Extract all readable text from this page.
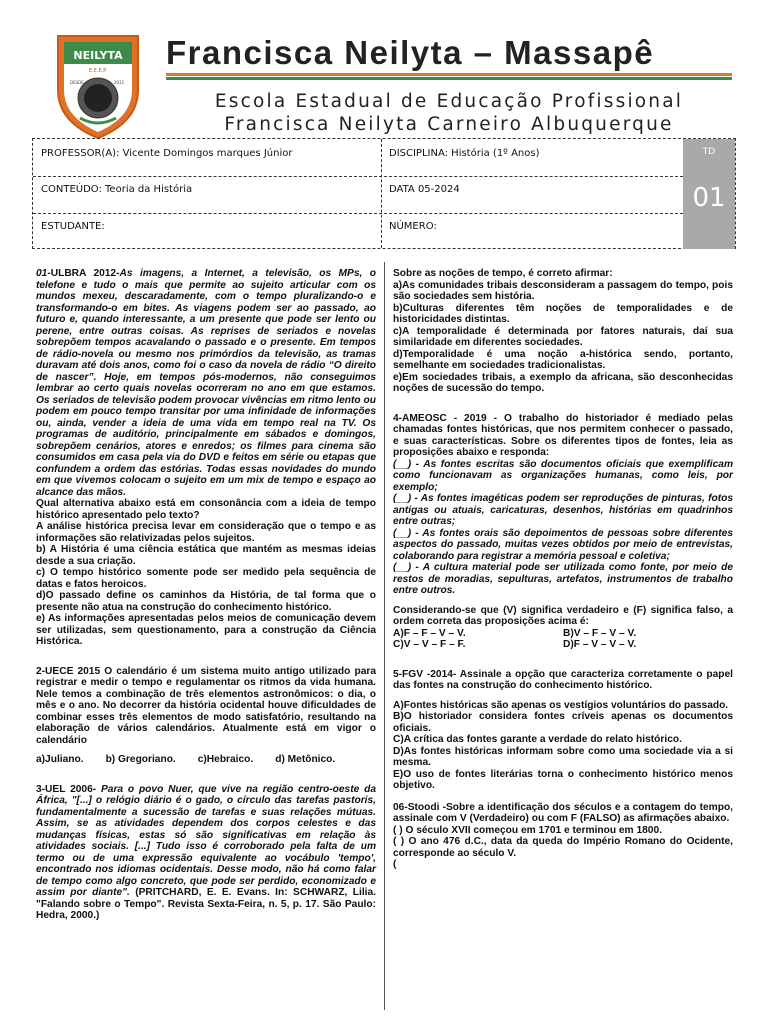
NEILYTA
E.E.E.P.
DESDE	2011
Francisca Neilyta – Massapê
Escola Estadual de Educação Profissional
Francisca Neilyta Carneiro Albuquerque
PROFESSOR(A): Vicente Domingos marques Júnior	DISCIPLINA: História (1º Anos)
CONTEÚDO: Teoria da História	DATA 05-2024
ESTUDANTE:	NÚMERO:
TD
01

01-ULBRA 2012-As imagens, a Internet, a televisão, os MPs, o telefone e tudo o mais que permite ao sujeito articular com os mundos mexeu, descaradamente, com o tempo pluralizando-o e transformando-o em bites. As viagens podem ser ao passado, ao futuro e, quando interessante, a um presente que pode ser lento ou perene, entre outras coisas. As reprises de seriados e novelas sobrepõem tempos acavalando o passado e o presente. Em tempos de rádio-novela ou mesmo nos primórdios da televisão, as tramas duravam até dois anos, como foi o caso da novela de rádio “O direito de nascer”. Hoje, em tempos pós-modernos, não conseguimos lembrar ao certo quais novelas ocorreram no ano em que estamos. Os seriados de televisão podem provocar vivências em ritmo lento ou podem em pouco tempo transitar por uma infinidade de informações ou, ainda, vender a ideia de uma vida em tempo real na TV. Os programas de auditório, principalmente em sábados e domingos, sobrepõem cenários, atores e enredos; os filmes para cinema são consumidos em casa pela via do DVD e feitos em série ou etapas que confundem a ordem das estórias. Todas essas novidades do mundo em que vivemos colocam o sujeito em um mix de tempo e espaço ao alcance das mãos.

Qual alternativa abaixo está em consonância com a ideia de tempo histórico apresentado pelo texto?

A análise histórica precisa levar em consideração que o tempo e as informações são relativizadas pelos sujeitos.

b) A História é uma ciência estática que mantém as mesmas ideias desde a sua criação.

c) O tempo histórico somente pode ser medido pela sequência de datas e fatos heroicos.

d)O passado define os caminhos da História, de tal forma que o presente não atua na construção do conhecimento histórico.

e) As informações apresentadas pelos meios de comunicação devem ser utilizadas, sem questionamento, para a construção da Ciência Histórica.

2-UECE 2015 O calendário é um sistema muito antigo utilizado para registrar e medir o tempo e regulamentar os ritmos da vida humana. Nele temos a combinação de três elementos astronômicos: o dia, o mês e o ano. No decorrer da história ocidental houve dificuldades de combinar esses três elementos de modo satisfatório, resultando na elaboração de vários calendários. Atualmente está em vigor o calendário

a)Juliano. b) Gregoriano. c)Hebraico. d) Metônico.

3-UEL 2006- Para o povo Nuer, que vive na região centro-oeste da África, "[...] o relógio diário é o gado, o círculo das tarefas pastoris, fundamentalmente a sucessão de tarefas e suas relações mútuas. Assim, se as atividades dependem dos corpos celestes e das mudanças físicas, estas só são significativas em relação às atividades sociais. [...] Tudo isso é corroborado pela falta de um termo ou de uma expressão equivalente ao vocábulo 'tempo', encontrado nos idiomas ocidentais. Desse modo, não há como falar de tempo como algo concreto, que pode ser perdido, economizado e assim por diante". (PRITCHARD, E. E. Evans. In: SCHWARZ, Lilia. "Falando sobre o Tempo". Revista Sexta-Feira, n. 5, p. 17. São Paulo: Hedra, 2000.)

Sobre as noções de tempo, é correto afirmar:

a)As comunidades tribais desconsideram a passagem do tempo, pois são sociedades sem história.

b)Culturas diferentes têm noções de temporalidades e de historicidades distintas.

c)A temporalidade é determinada por fatores naturais, daí sua similaridade em diferentes sociedades.

d)Temporalidade é uma noção a-histórica sendo, portanto, semelhante em sociedades tradicionalistas.

e)Em sociedades tribais, a exemplo da africana, são desconhecidas noções de sucessão do tempo.

4-AMEOSC - 2019 - O trabalho do historiador é mediado pelas chamadas fontes históricas, que nos permitem conhecer o passado, e suas características. Sobre os diferentes tipos de fontes, leia as proposições abaixo e responda:

(__) - As fontes escritas são documentos oficiais que exemplificam como funcionavam as organizações humanas, como leis, por exemplo;

(__) - As fontes imagéticas podem ser reproduções de pinturas, fotos antigas ou atuais, caricaturas, desenhos, histórias em quadrinhos entre outras;

(__) - As fontes orais são depoimentos de pessoas sobre diferentes aspectos do passado, muitas vezes obtidos por meio de entrevistas, colaborando para registrar a memória pessoal e coletiva;

(__) - A cultura material pode ser utilizada como fonte, por meio de restos de moradias, sepulturas, artefatos, instrumentos de trabalho entre outros.

Considerando-se que (V) significa verdadeiro e (F) significa falso, a ordem correta das proposições acima é:

A)F – F – V – V.	B)V – F – V – V.
C)V – V – F – F.	D)F – V – V – V.

5-FGV -2014- Assinale a opção que caracteriza corretamente o papel das fontes na construção do conhecimento histórico.

A)Fontes históricas são apenas os vestígios voluntários do passado.

B)O historiador considera fontes críveis apenas os documentos oficiais.

C)A crítica das fontes garante a verdade do relato histórico.

D)As fontes históricas informam sobre como uma sociedade via a si mesma.

E)O uso de fontes literárias torna o conhecimento histórico menos objetivo.

06-Stoodi -Sobre a identificação dos séculos e a contagem do tempo, assinale com V (Verdadeiro) ou com F (FALSO) as afirmações abaixo.

( ) O século XVII começou em 1701 e terminou em 1800.

( ) O ano 476 d.C., data da queda do Império Romano do Ocidente, corresponde ao século V.

(
